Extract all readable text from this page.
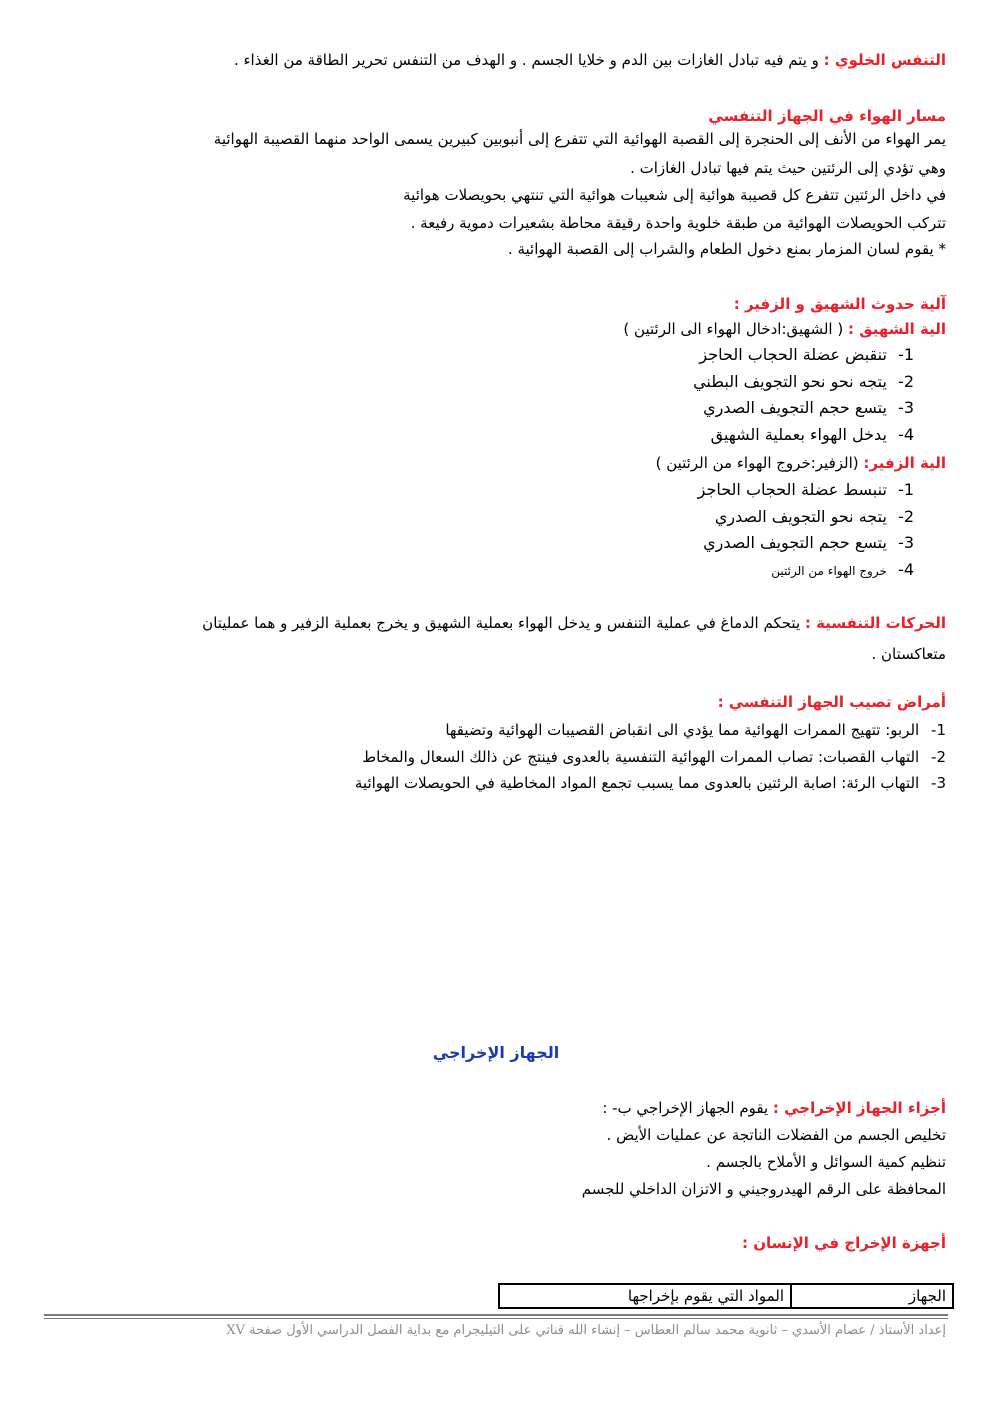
التنفس الخلوي : و يتم فيه تبادل الغازات بين الدم و خلايا الجسم . و الهدف من التنفس تحرير الطاقة من الغذاء .
مسار الهواء في الجهاز التنفسي
يمر الهواء من الأنف إلى الحنجرة إلى القصبة الهوائية التي تتفرع إلى أنبوبين كبيرين يسمى الواحد منهما القصيبة الهوائية
وهي تؤدي إلى الرئتين حيث يتم فيها تبادل الغازات .
في داخل الرئتين تتفرع كل قصيبة هوائية إلى شعيبات هوائية التي تنتهي بحويصلات هوائية
تتركب الحويصلات الهوائية من طبقة خلوية واحدة رقيقة محاطة بشعيرات دموية رفيعة .
* يقوم لسان المزمار بمنع دخول الطعام والشراب إلى القصبة الهوائية .
آلية حدوث الشهيق و الزفير :
الية الشهيق : ( الشهيق:ادخال الهواء الى الرئتين )
1- تنقبض عضلة الحجاب الحاجز
2- يتجه نحو نحو التجويف البطني
3- يتسع حجم التجويف الصدري
4- يدخل الهواء بعملية الشهيق
الية الزفير: (الزفير:خروج الهواء من الرئتين )
1- تنبسط عضلة الحجاب الحاجز
2- يتجه نحو التجويف الصدري
3- يتسع حجم التجويف الصدري
4- خروج الهواء من الرئتين
الحركات التنفسية : يتحكم الدماغ في عملية التنفس و يدخل الهواء بعملية الشهيق و يخرج بعملية الزفير و هما عمليتان
متعاكستان .
أمراض تصيب الجهاز التنفسي :
1- الربو: تتهيج الممرات الهوائية مما يؤدي الى انقباض القصيبات الهوائية وتضيقها
2- التهاب القصبات: تصاب الممرات الهوائية التنفسية بالعدوى فينتج عن ذالك السعال والمخاط
3- التهاب الرئة: اصابة الرئتين بالعدوى مما يسبب تجمع المواد المخاطية في الحويصلات الهوائية
الجهاز الإخراجي
أجزاء الجهاز الإخراجي : يقوم الجهاز الإخراجي ب- :
تخليص الجسم من الفضلات الناتجة عن عمليات الأيض .
تنظيم كمية السوائل و الأملاح بالجسم .
المحافظة على الرقم الهيدروجيني و الاتزان الداخلي للجسم
أجهزة الإخراج في الإنسان :
الجهاز	المواد التي يقوم بإخراجها
إعداد الأستاذ / عصام الأسدي – ثانوية محمد سالم العطاس – إنشاء الله قناتي على التيليجرام مع بداية الفصل الدراسي الأول صفحة XV
